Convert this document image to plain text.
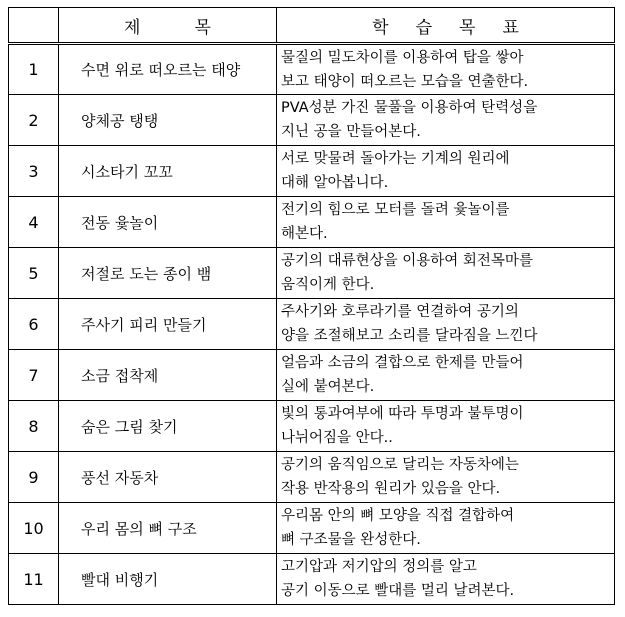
	제          목	학     습     목     표
1	수면 위로 떠오르는 태양	물질의 밀도차이를 이용하여 탑을 쌓아
보고 태양이 떠오르는 모습을 연출한다.

2	양체공 탱탱	PVA성분 가진 물풀을 이용하여 탄력성을
지닌 공을 만들어본다.

3	시소타기 꼬꼬	서로 맞물려 돌아가는 기계의 원리에
대해 알아봅니다.

4	전동 윷놀이	전기의 힘으로 모터를 돌려 윷놀이를
해본다.

5	저절로 도는 종이 뱀	공기의 대류현상을 이용하여 회전목마를
움직이게 한다.

6	주사기 피리 만들기	주사기와 호루라기를 연결하여 공기의
양을 조절해보고 소리를 달라짐을 느낀다

7	소금 접착제	얼음과 소금의 결합으로 한제를 만들어
실에 붙여본다.

8	숨은 그림 찾기	빛의 통과여부에 따라 투명과 불투명이
나뉘어짐을 안다..

9	풍선 자동차	공기의 움직임으로 달리는 자동차에는
작용 반작용의 원리가 있음을 안다.

10	우리 몸의 뼈 구조	우리몸 안의 뼈 모양을 직접 결합하여
뼈 구조물을 완성한다.

11	빨대 비행기	고기압과 저기압의 정의를 알고
공기 이동으로 빨대를 멀리 날려본다.
